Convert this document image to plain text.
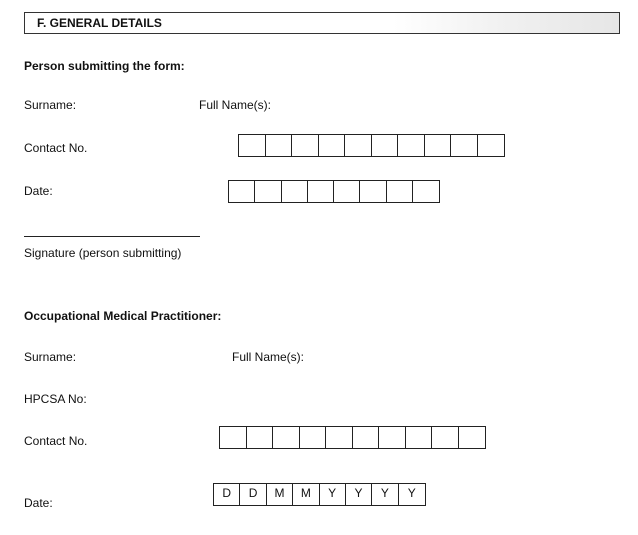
F. GENERAL DETAILS
Person submitting the form:
Surname:	Full Name(s):
Contact No.
Date:
Signature (person submitting)
Occupational Medical Practitioner:
Surname:	Full Name(s):
HPCSA No:
Contact No.
Date:
D	D	M	M	Y	Y	Y	Y
